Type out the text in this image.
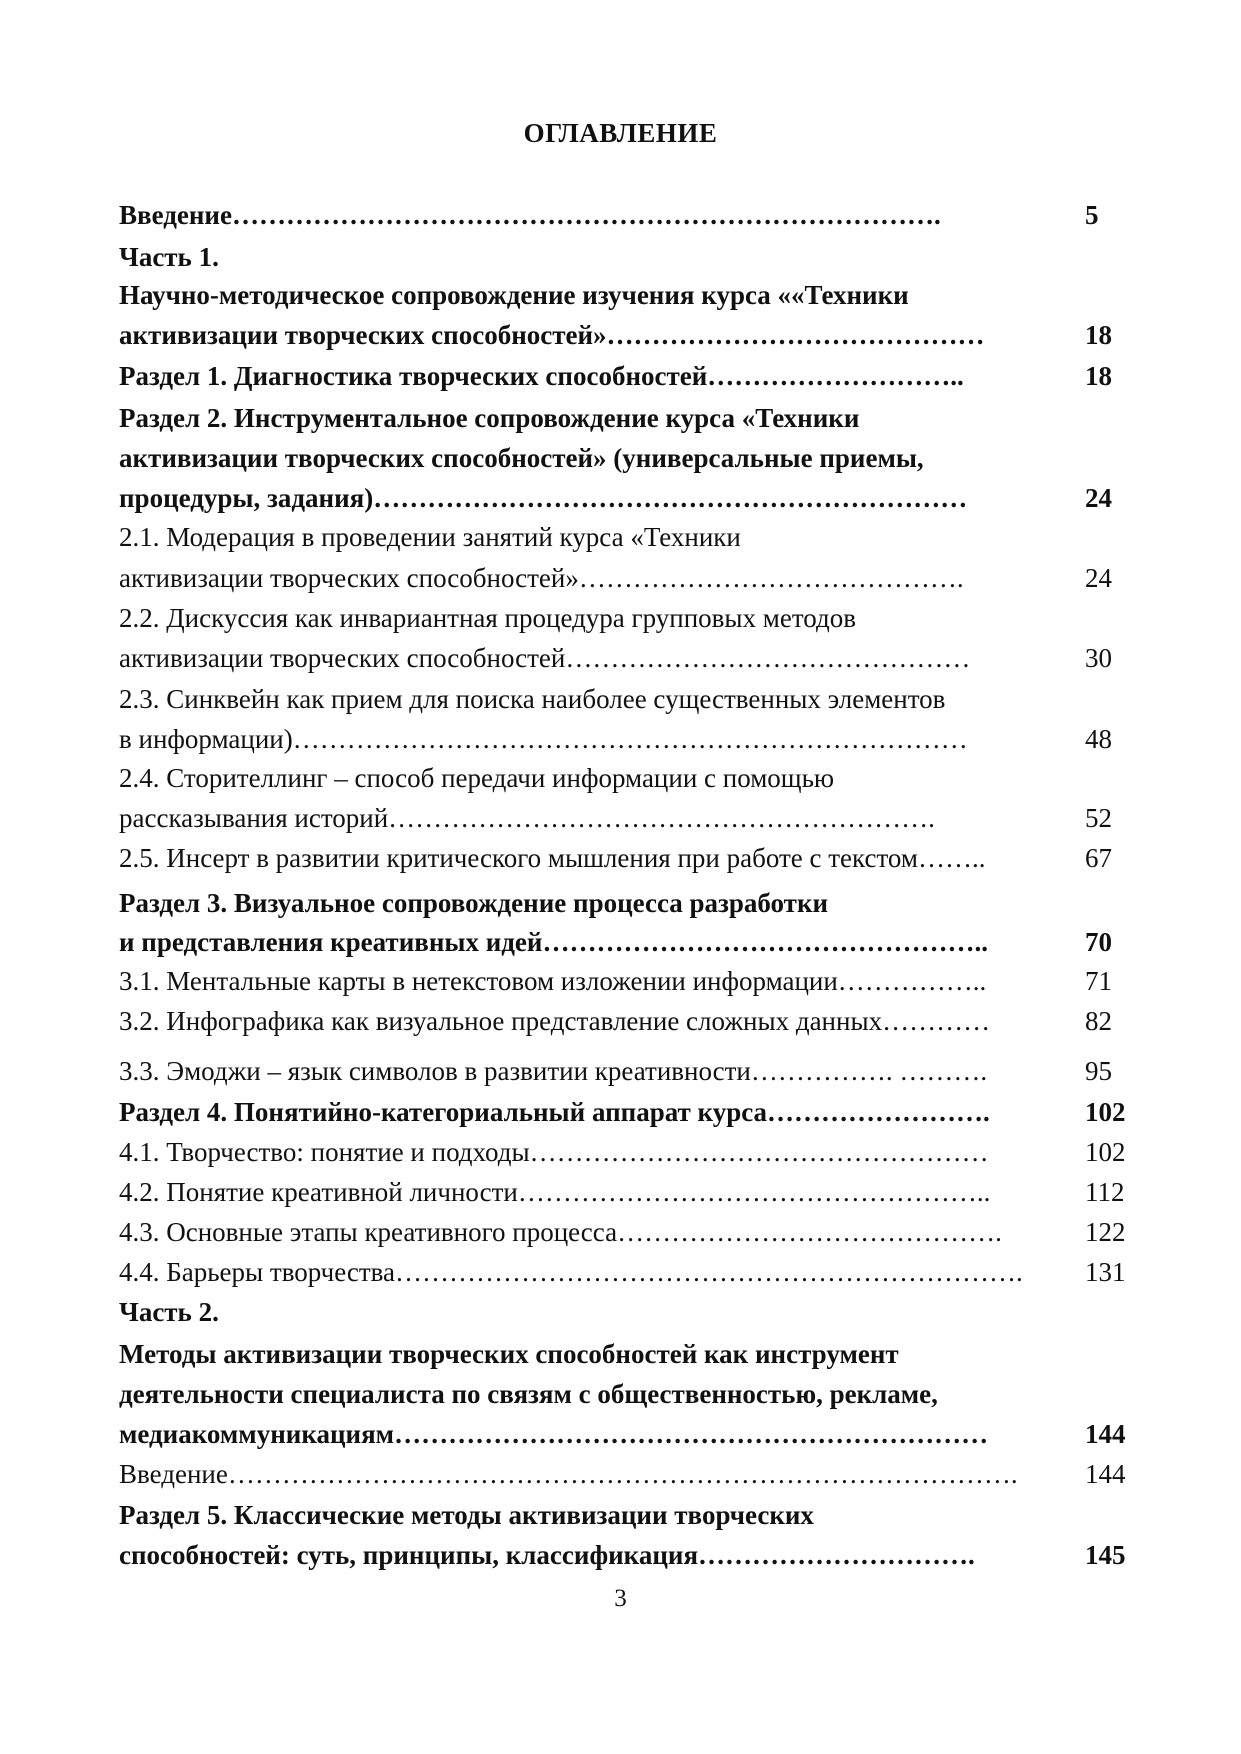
ОГЛАВЛЕНИЕ
Введение…………………………………………………………………….	5
Часть 1.
Научно-методическое сопровождение изучения курса ««Техники
активизации творческих способностей»……………………………………	18
Раздел 1. Диагностика творческих способностей………………………..	18
Раздел 2. Инструментальное сопровождение курса «Техники
активизации творческих способностей» (универсальные приемы,
процедуры, задания)…………………………………………………………	24
2.1. Модерация в проведении занятий курса «Техники
активизации творческих способностей»…………………………………….	24
2.2. Дискуссия как инвариантная процедура групповых методов
активизации творческих способностей………………………………………	30
2.3. Синквейн как прием для поиска наиболее существенных элементов
в информации)…………………………………………………………………	48
2.4. Сторителлинг – способ передачи информации с помощью
рассказывания историй…………………………………………………….	52
2.5. Инсерт в развитии критического мышления при работе с текстом……..	67
Раздел 3. Визуальное сопровождение процесса разработки
и представления креативных идей…………………………………………..	70
3.1. Ментальные карты в нетекстовом изложении информации……………..	71
3.2. Инфографика как визуальное представление сложных данных…………	82
3.3. Эмоджи – язык символов в развитии креативности……………. ……….	95
Раздел 4. Понятийно-категориальный аппарат курса…………………….	102
4.1. Творчество: понятие и подходы……………………………………………	102
4.2. Понятие креативной личности……………………………………………..	112
4.3. Основные этапы креативного процесса…………………………………….	122
4.4. Барьеры творчества…………………………………………………………….	131
Часть 2.
Методы активизации творческих способностей как инструмент
деятельности специалиста по связям с общественностью, рекламе,
медиакоммуникациям…………………………………………………………	144
Введение…………………………………………………………………………….	144
Раздел 5. Классические методы активизации творческих
способностей: суть, принципы, классификация………………………….	145
3
